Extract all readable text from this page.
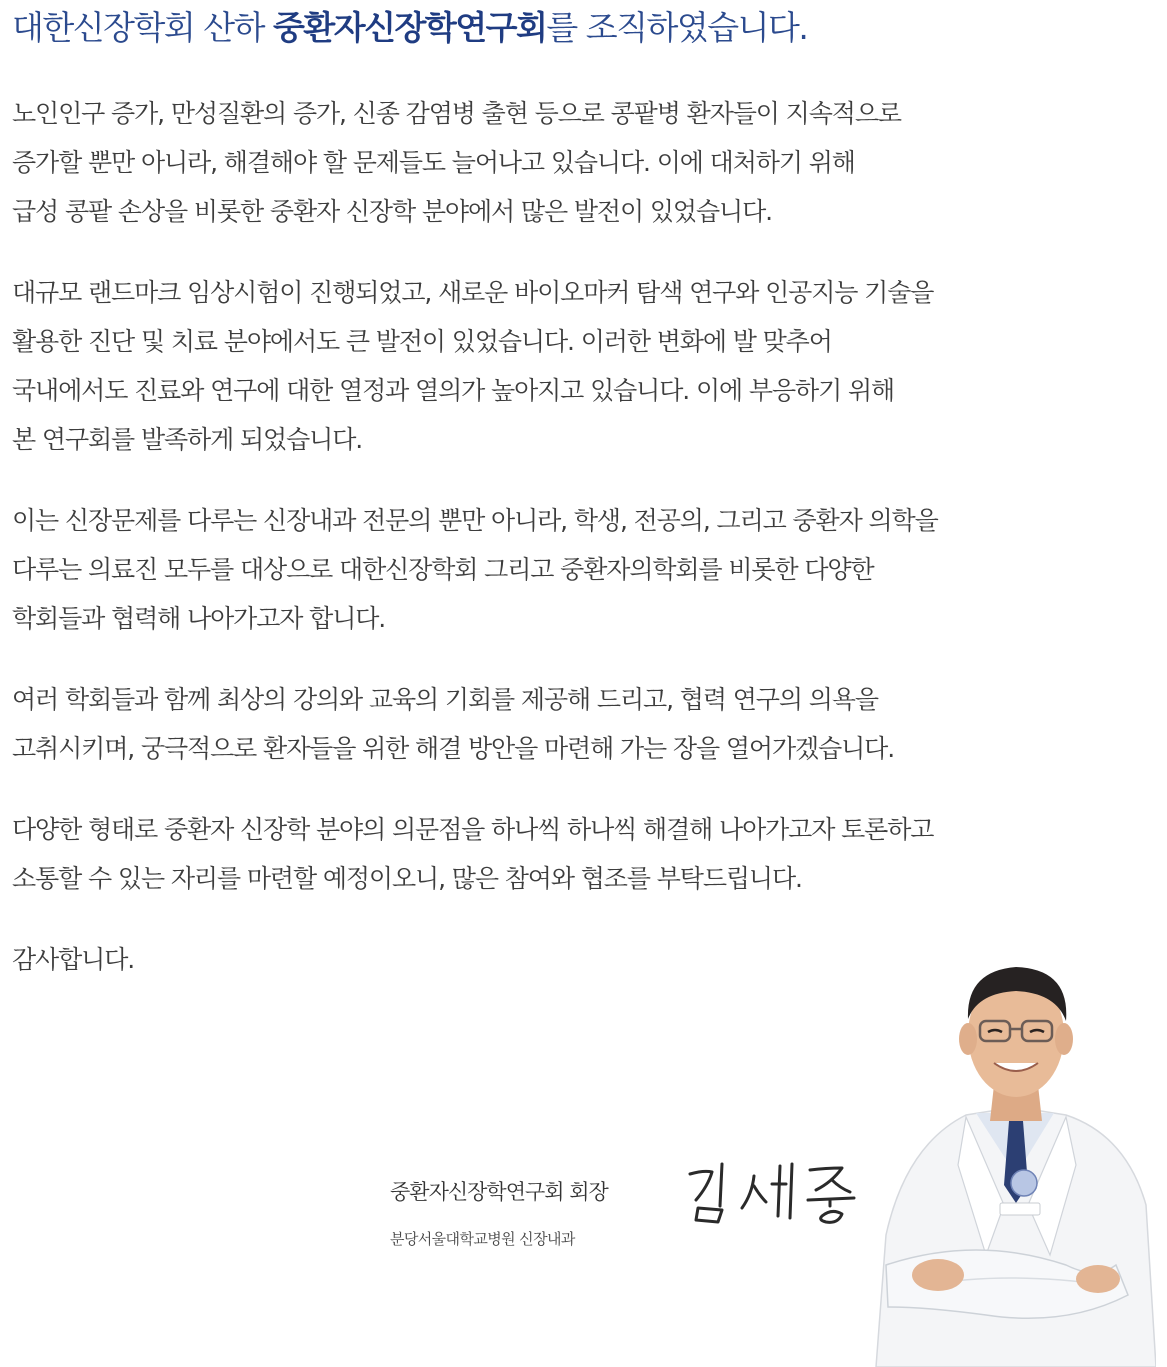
대한신장학회 산하 중환자신장학연구회를 조직하였습니다.

노인인구 증가, 만성질환의 증가, 신종 감염병 출현 등으로 콩팥병 환자들이 지속적으로
증가할 뿐만 아니라, 해결해야 할 문제들도 늘어나고 있습니다. 이에 대처하기 위해
급성 콩팥 손상을 비롯한 중환자 신장학 분야에서 많은 발전이 있었습니다.

대규모 랜드마크 임상시험이 진행되었고, 새로운 바이오마커 탐색 연구와 인공지능 기술을
활용한 진단 및 치료 분야에서도 큰 발전이 있었습니다. 이러한 변화에 발 맞추어
국내에서도 진료와 연구에 대한 열정과 열의가 높아지고 있습니다. 이에 부응하기 위해
본 연구회를 발족하게 되었습니다.

이는 신장문제를 다루는 신장내과 전문의 뿐만 아니라, 학생, 전공의, 그리고 중환자 의학을
다루는 의료진 모두를 대상으로 대한신장학회 그리고 중환자의학회를 비롯한 다양한
학회들과 협력해 나아가고자 합니다.

여러 학회들과 함께 최상의 강의와 교육의 기회를 제공해 드리고, 협력 연구의 의욕을
고취시키며, 궁극적으로 환자들을 위한 해결 방안을 마련해 가는 장을 열어가겠습니다.

다양한 형태로 중환자 신장학 분야의 의문점을 하나씩 하나씩 해결해 나아가고자 토론하고
소통할 수 있는 자리를 마련할 예정이오니, 많은 참여와 협조를 부탁드립니다.

감사합니다.

중환자신장학연구회 회장
분당서울대학교병원 신장내과
